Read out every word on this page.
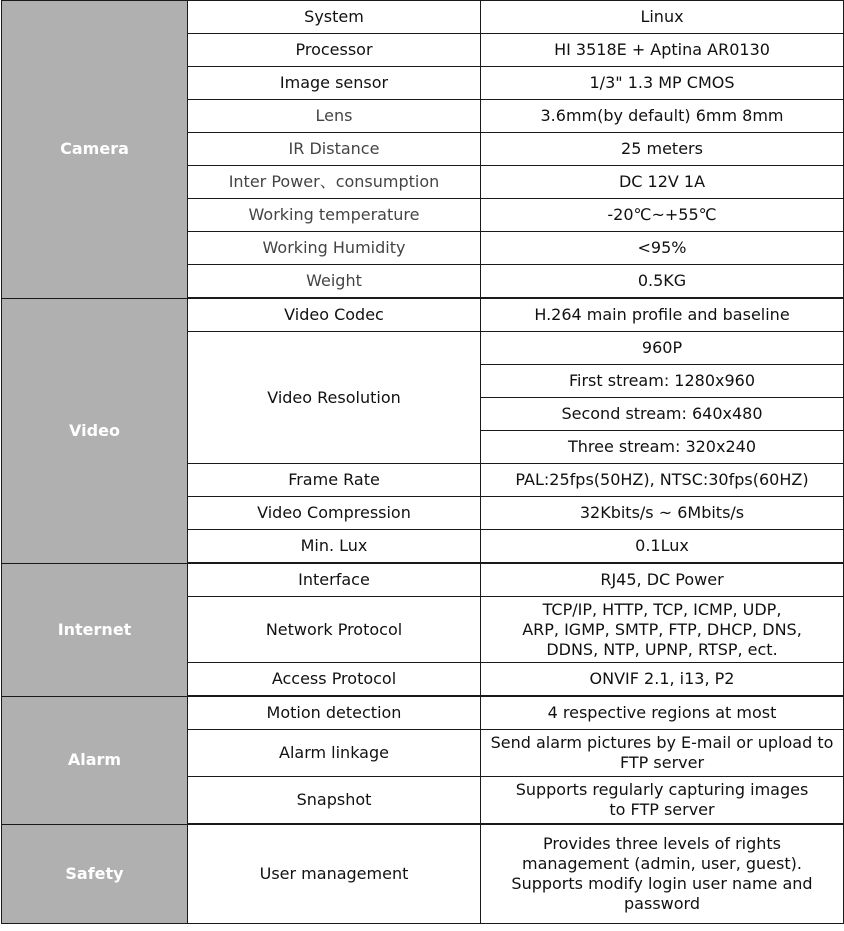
Camera	System	Linux
	Processor	HI 3518E + Aptina AR0130
	Image sensor	1/3" 1.3 MP CMOS
	Lens	3.6mm(by default) 6mm 8mm
	IR Distance	25 meters
	Inter Power、consumption	DC 12V 1A
	Working temperature	-20℃~+55℃
	Working Humidity	<95%
	Weight	0.5KG
Video	Video Codec	H.264 main profile and baseline
	Video Resolution	960P
		First stream: 1280x960
		Second stream: 640x480
		Three stream: 320x240
	Frame Rate	PAL:25fps(50HZ), NTSC:30fps(60HZ)
	Video Compression	32Kbits/s ~ 6Mbits/s
	Min. Lux	0.1Lux
Internet	Interface	RJ45, DC Power
	Network Protocol	TCP/IP, HTTP, TCP, ICMP, UDP,
ARP, IGMP, SMTP, FTP, DHCP, DNS,
DDNS, NTP, UPNP, RTSP, ect.

	Access Protocol	ONVIF 2.1, i13, P2
Alarm	Motion detection	4 respective regions at most
	Alarm linkage	Send alarm pictures by E-mail or upload to
FTP server

	Snapshot	Supports regularly capturing images
to FTP server

Safety	User management	Provides three levels of rights
management (admin, user, guest).
Supports modify login user name and
password
